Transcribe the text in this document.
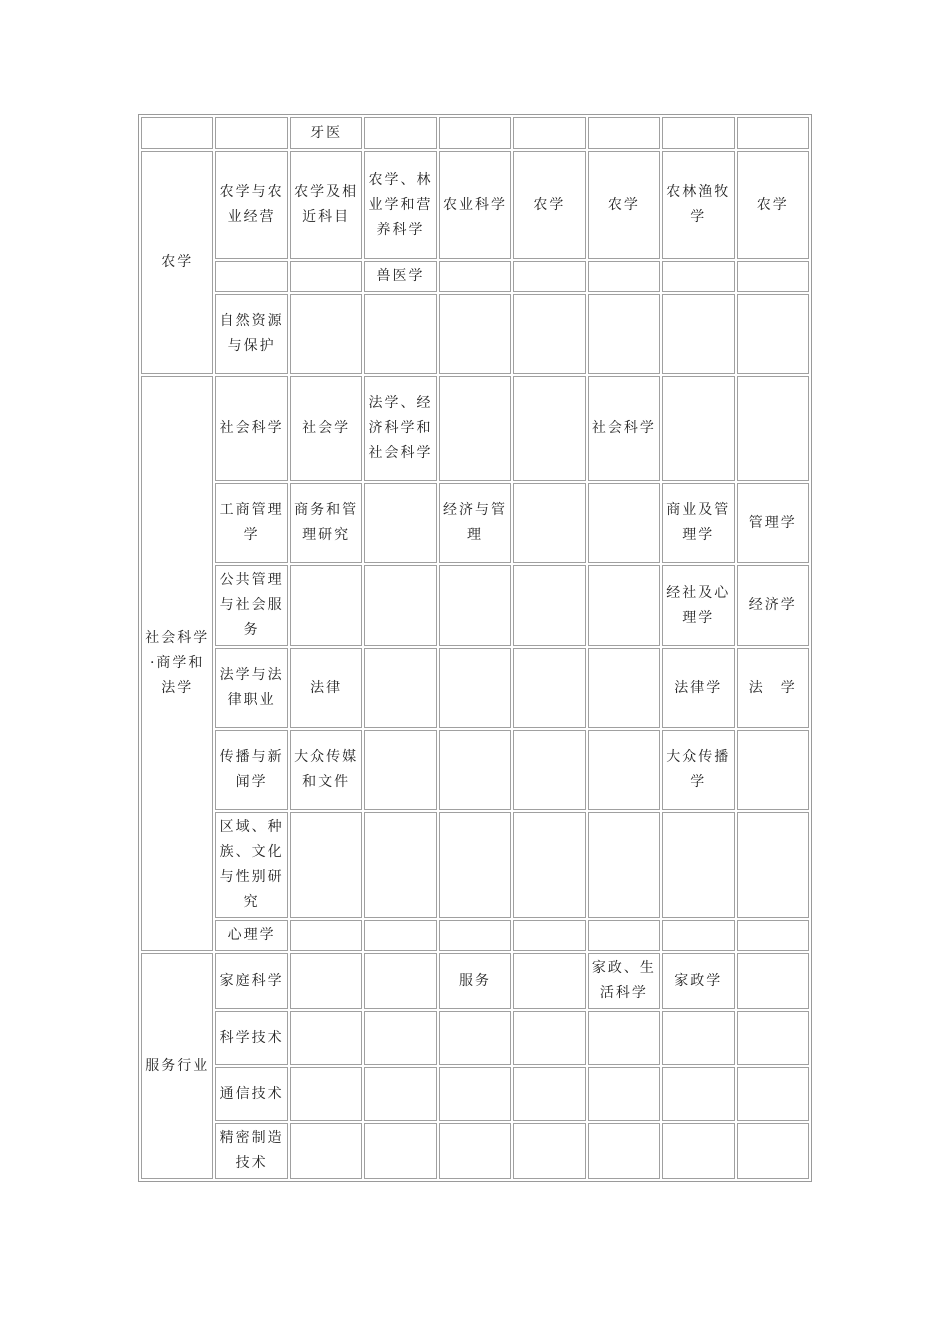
		牙医						
农学	农学与农业经营	农学及相近科目	农学、林业学和营养科学	农业科学	农学	农学	农林渔牧学	农学
			兽医学					
	自然资源与保护							
社会科学·商学和法学	社会科学	社会学	法学、经济科学和社会科学			社会科学		
	工商管理学	商务和管理研究		经济与管理			商业及管理学	管理学
	公共管理与社会服务						经社及心理学	经济学
	法学与法律职业	法律					法律学	法　学
	传播与新闻学	大众传媒和文件					大众传播学	
	区域、种族、文化与性别研究							
	心理学							
服务行业	家庭科学			服务		家政、生活科学	家政学	
	科学技术							
	通信技术							
	精密制造技术							
